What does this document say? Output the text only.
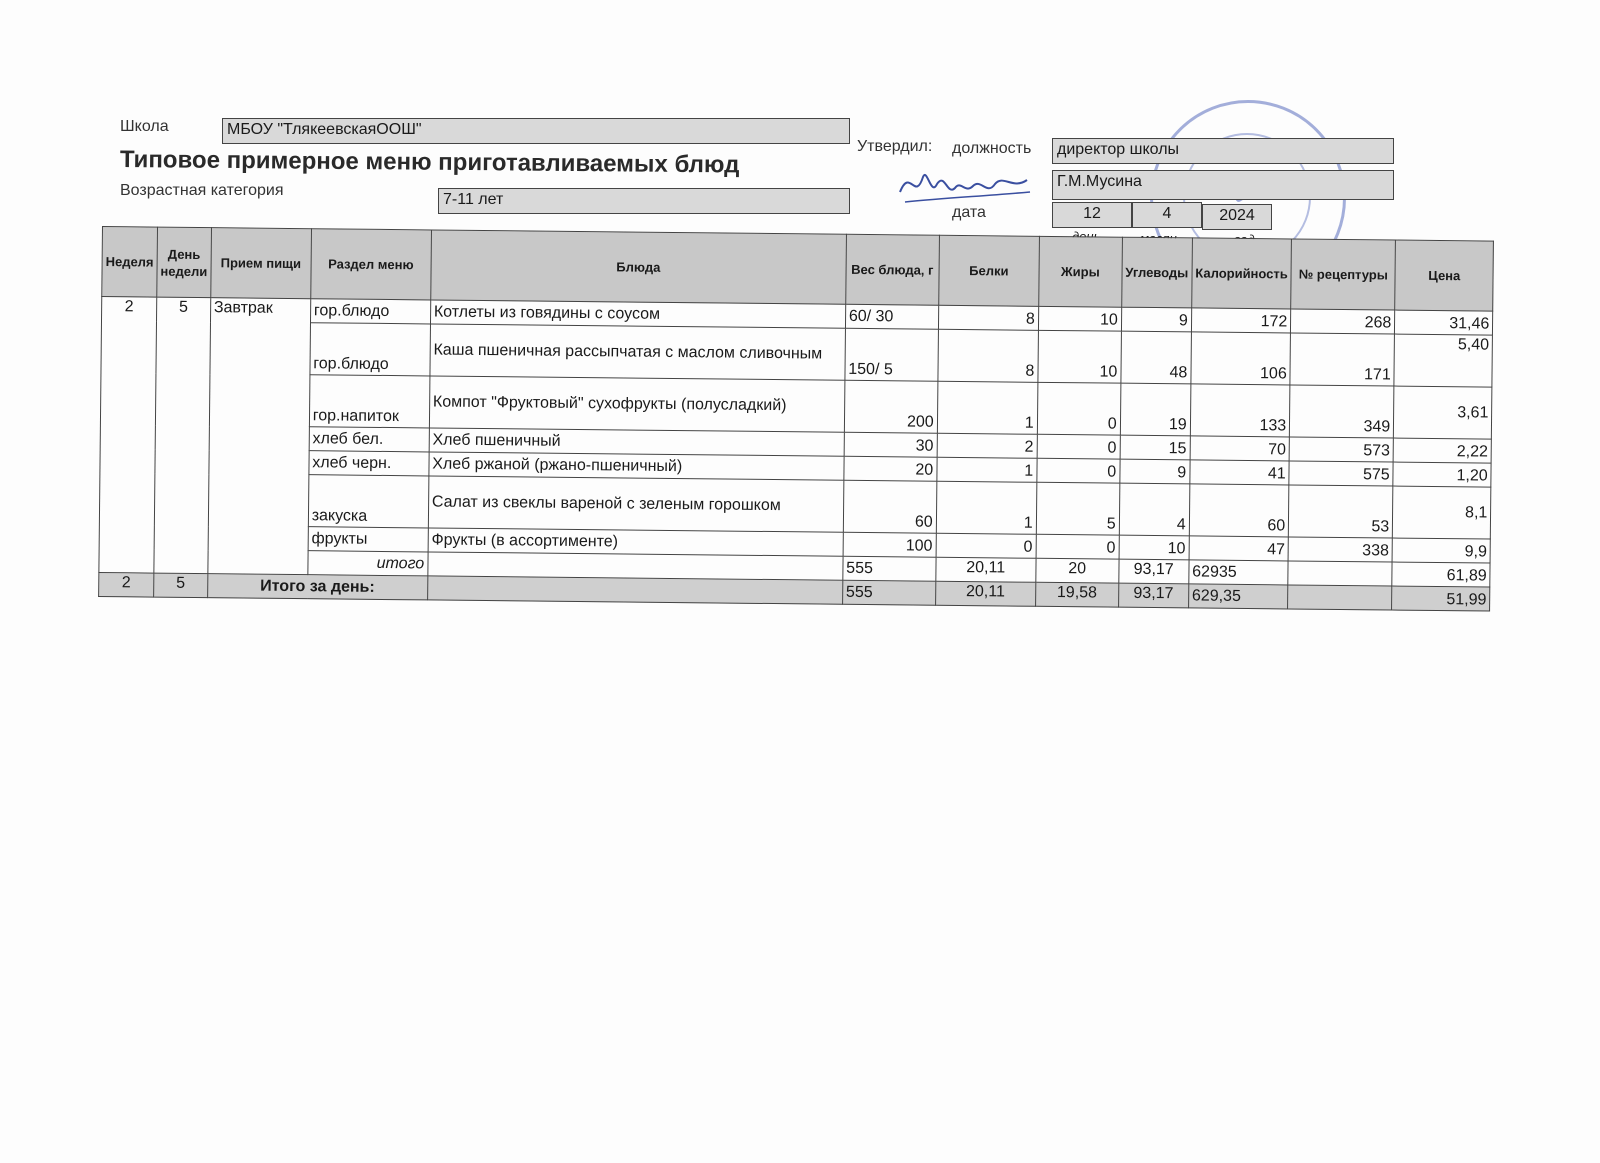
Школа	МБОУ "ТлякеевскаяООШ"
Типовое примерное меню приготавливаемых блюд
Возрастная категория
7-11 лет
Утвердил: должность	директор школы
Г.М.Мусина
дата	12	4	2024
Неделя	День недели	Прием пищи	Раздел меню	Блюда	Вес блюда, г	Белки	Жиры	Углеводы	Калорийность	№ рецептуры	Цена
2	5	Завтрак	гор.блюдо	Котлеты из говядины с соусом	60/ 30	8	10	9	172	268	31,46
			гор.блюдо	Каша пшеничная рассыпчатая с маслом сливочным	150/ 5	8	10	48	106	171	5,40
			гор.напиток	Компот "Фруктовый" сухофрукты (полусладкий)	200	1	0	19	133	349	3,61
			хлеб бел.	Хлеб пшеничный	30	2	0	15	70	573	2,22
			хлеб черн.	Хлеб ржаной (ржано-пшеничный)	20	1	0	9	41	575	1,20
			закуска	Салат из свеклы вареной с зеленым горошком	60	1	5	4	60	53	8,1
			фрукты	Фрукты (в ассортименте)	100	0	0	10	47	338	9,9
			итого		555	20,11	20	93,17	62935		61,89
2	5	Итого за день:			555	20,11	19,58	93,17	629,35		51,99
